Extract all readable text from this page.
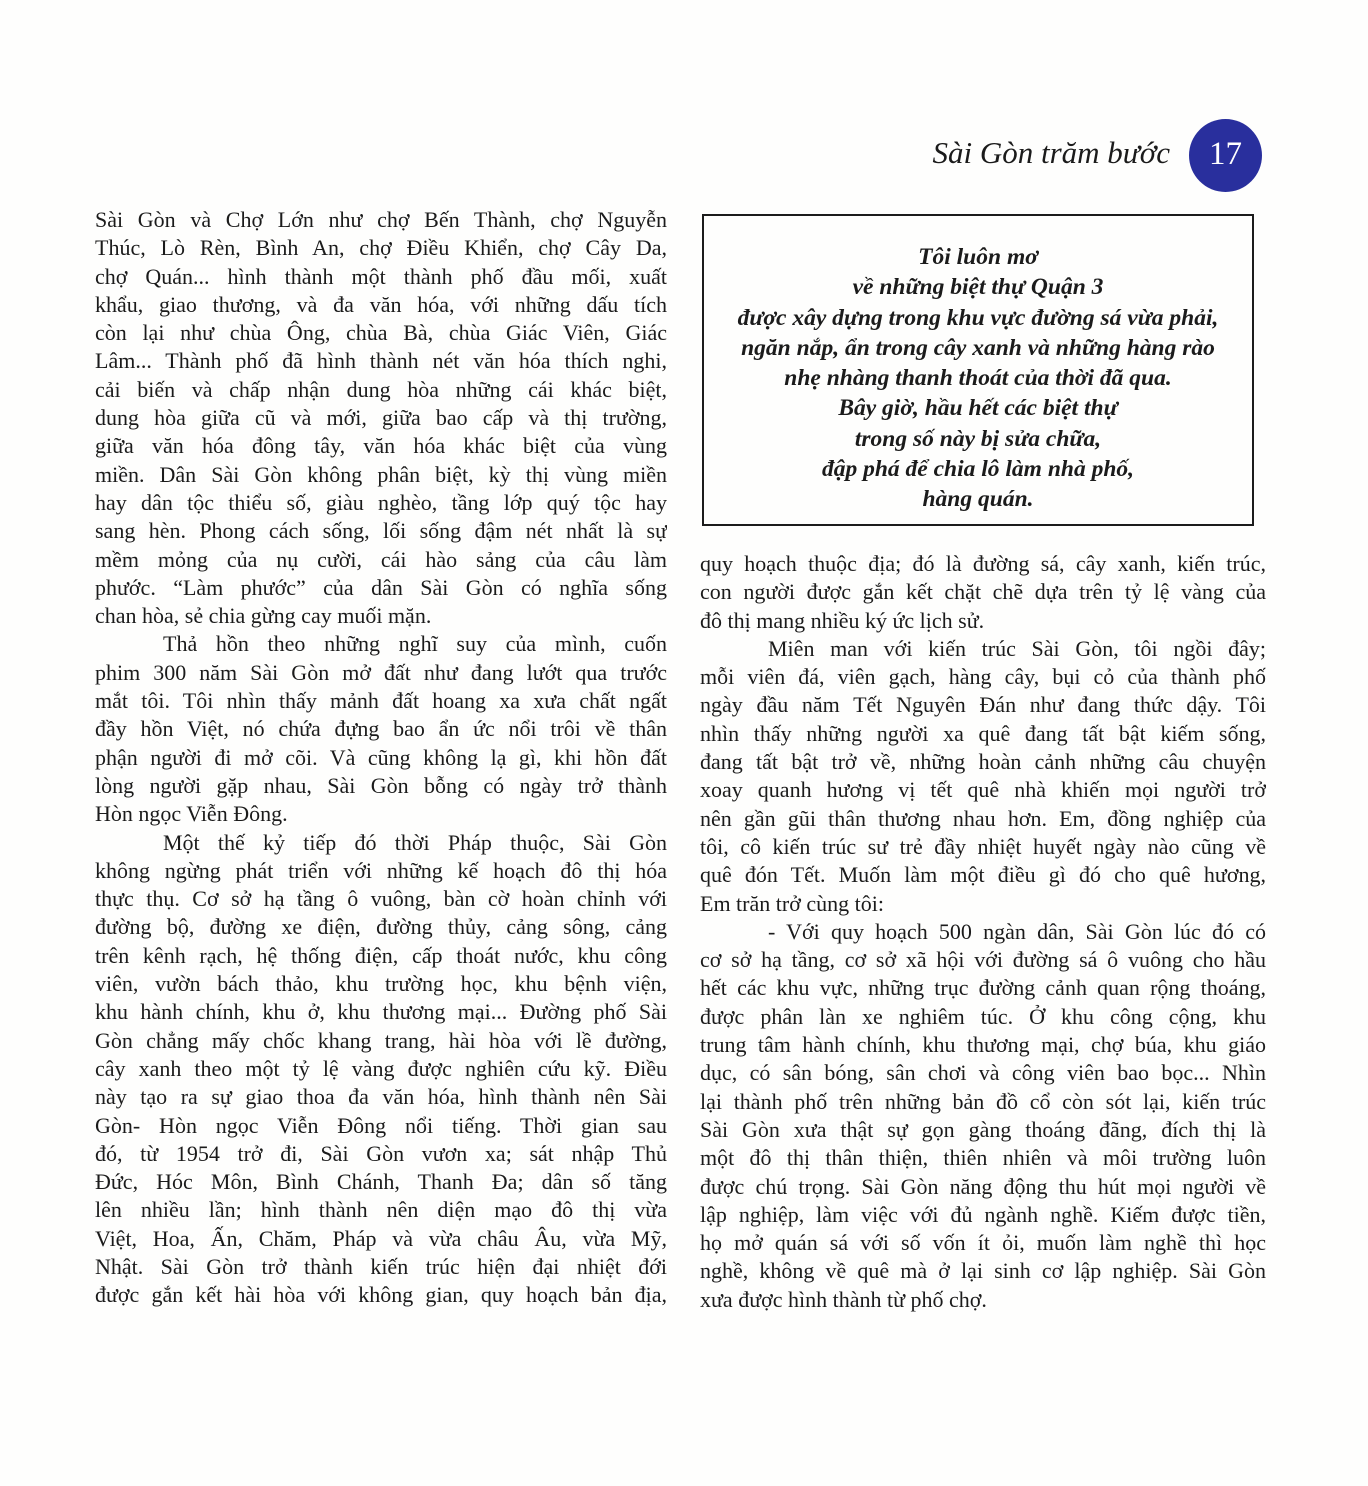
Sài Gòn trăm bước 17
Sài Gòn và Chợ Lớn như chợ Bến Thành, chợ Nguyễn
Thúc, Lò Rèn, Bình An, chợ Điều Khiển, chợ Cây Da,
chợ Quán... hình thành một thành phố đầu mối, xuất
khẩu, giao thương, và đa văn hóa, với những dấu tích
còn lại như chùa Ông, chùa Bà, chùa Giác Viên, Giác
Lâm... Thành phố đã hình thành nét văn hóa thích nghi,
cải biến và chấp nhận dung hòa những cái khác biệt,
dung hòa giữa cũ và mới, giữa bao cấp và thị trường,
giữa văn hóa đông tây, văn hóa khác biệt của vùng
miền. Dân Sài Gòn không phân biệt, kỳ thị vùng miền
hay dân tộc thiểu số, giàu nghèo, tầng lớp quý tộc hay
sang hèn. Phong cách sống, lối sống đậm nét nhất là sự
mềm mỏng của nụ cười, cái hào sảng của câu làm
phước. “Làm phước” của dân Sài Gòn có nghĩa sống
chan hòa, sẻ chia gừng cay muối mặn.
Thả hồn theo những nghĩ suy của mình, cuốn
phim 300 năm Sài Gòn mở đất như đang lướt qua trước
mắt tôi. Tôi nhìn thấy mảnh đất hoang xa xưa chất ngất
đầy hồn Việt, nó chứa đựng bao ẩn ức nổi trôi về thân
phận người đi mở cõi. Và cũng không lạ gì, khi hồn đất
lòng người gặp nhau, Sài Gòn bỗng có ngày trở thành
Hòn ngọc Viễn Đông.
Một thế kỷ tiếp đó thời Pháp thuộc, Sài Gòn
không ngừng phát triển với những kế hoạch đô thị hóa
thực thụ. Cơ sở hạ tầng ô vuông, bàn cờ hoàn chỉnh với
đường bộ, đường xe điện, đường thủy, cảng sông, cảng
trên kênh rạch, hệ thống điện, cấp thoát nước, khu công
viên, vườn bách thảo, khu trường học, khu bệnh viện,
khu hành chính, khu ở, khu thương mại... Đường phố Sài
Gòn chẳng mấy chốc khang trang, hài hòa với lề đường,
cây xanh theo một tỷ lệ vàng được nghiên cứu kỹ. Điều
này tạo ra sự giao thoa đa văn hóa, hình thành nên Sài
Gòn- Hòn ngọc Viễn Đông nổi tiếng. Thời gian sau
đó, từ 1954 trở đi, Sài Gòn vươn xa; sát nhập Thủ
Đức, Hóc Môn, Bình Chánh, Thanh Đa; dân số tăng
lên nhiều lần; hình thành nên diện mạo đô thị vừa
Việt, Hoa, Ấn, Chăm, Pháp và vừa châu Âu, vừa Mỹ,
Nhật. Sài Gòn trở thành kiến trúc hiện đại nhiệt đới
được gắn kết hài hòa với không gian, quy hoạch bản địa,
Tôi luôn mơ
về những biệt thự Quận 3
được xây dựng trong khu vực đường sá vừa phải,
ngăn nắp, ẩn trong cây xanh và những hàng rào
nhẹ nhàng thanh thoát của thời đã qua.
Bây giờ, hầu hết các biệt thự
trong số này bị sửa chữa,
đập phá để chia lô làm nhà phố,
hàng quán.
quy hoạch thuộc địa; đó là đường sá, cây xanh, kiến trúc,
con người được gắn kết chặt chẽ dựa trên tỷ lệ vàng của
đô thị mang nhiều ký ức lịch sử.
Miên man với kiến trúc Sài Gòn, tôi ngồi đây;
mỗi viên đá, viên gạch, hàng cây, bụi cỏ của thành phố
ngày đầu năm Tết Nguyên Đán như đang thức dậy. Tôi
nhìn thấy những người xa quê đang tất bật kiếm sống,
đang tất bật trở về, những hoàn cảnh những câu chuyện
xoay quanh hương vị tết quê nhà khiến mọi người trở
nên gần gũi thân thương nhau hơn. Em, đồng nghiệp của
tôi, cô kiến trúc sư trẻ đầy nhiệt huyết ngày nào cũng về
quê đón Tết. Muốn làm một điều gì đó cho quê hương,
Em trăn trở cùng tôi:
- Với quy hoạch 500 ngàn dân, Sài Gòn lúc đó có
cơ sở hạ tầng, cơ sở xã hội với đường sá ô vuông cho hầu
hết các khu vực, những trục đường cảnh quan rộng thoáng,
được phân làn xe nghiêm túc. Ở khu công cộng, khu
trung tâm hành chính, khu thương mại, chợ búa, khu giáo
dục, có sân bóng, sân chơi và công viên bao bọc... Nhìn
lại thành phố trên những bản đồ cổ còn sót lại, kiến trúc
Sài Gòn xưa thật sự gọn gàng thoáng đãng, đích thị là
một đô thị thân thiện, thiên nhiên và môi trường luôn
được chú trọng. Sài Gòn năng động thu hút mọi người về
lập nghiệp, làm việc với đủ ngành nghề. Kiếm được tiền,
họ mở quán sá với số vốn ít ỏi, muốn làm nghề thì học
nghề, không về quê mà ở lại sinh cơ lập nghiệp. Sài Gòn
xưa được hình thành từ phố chợ.
